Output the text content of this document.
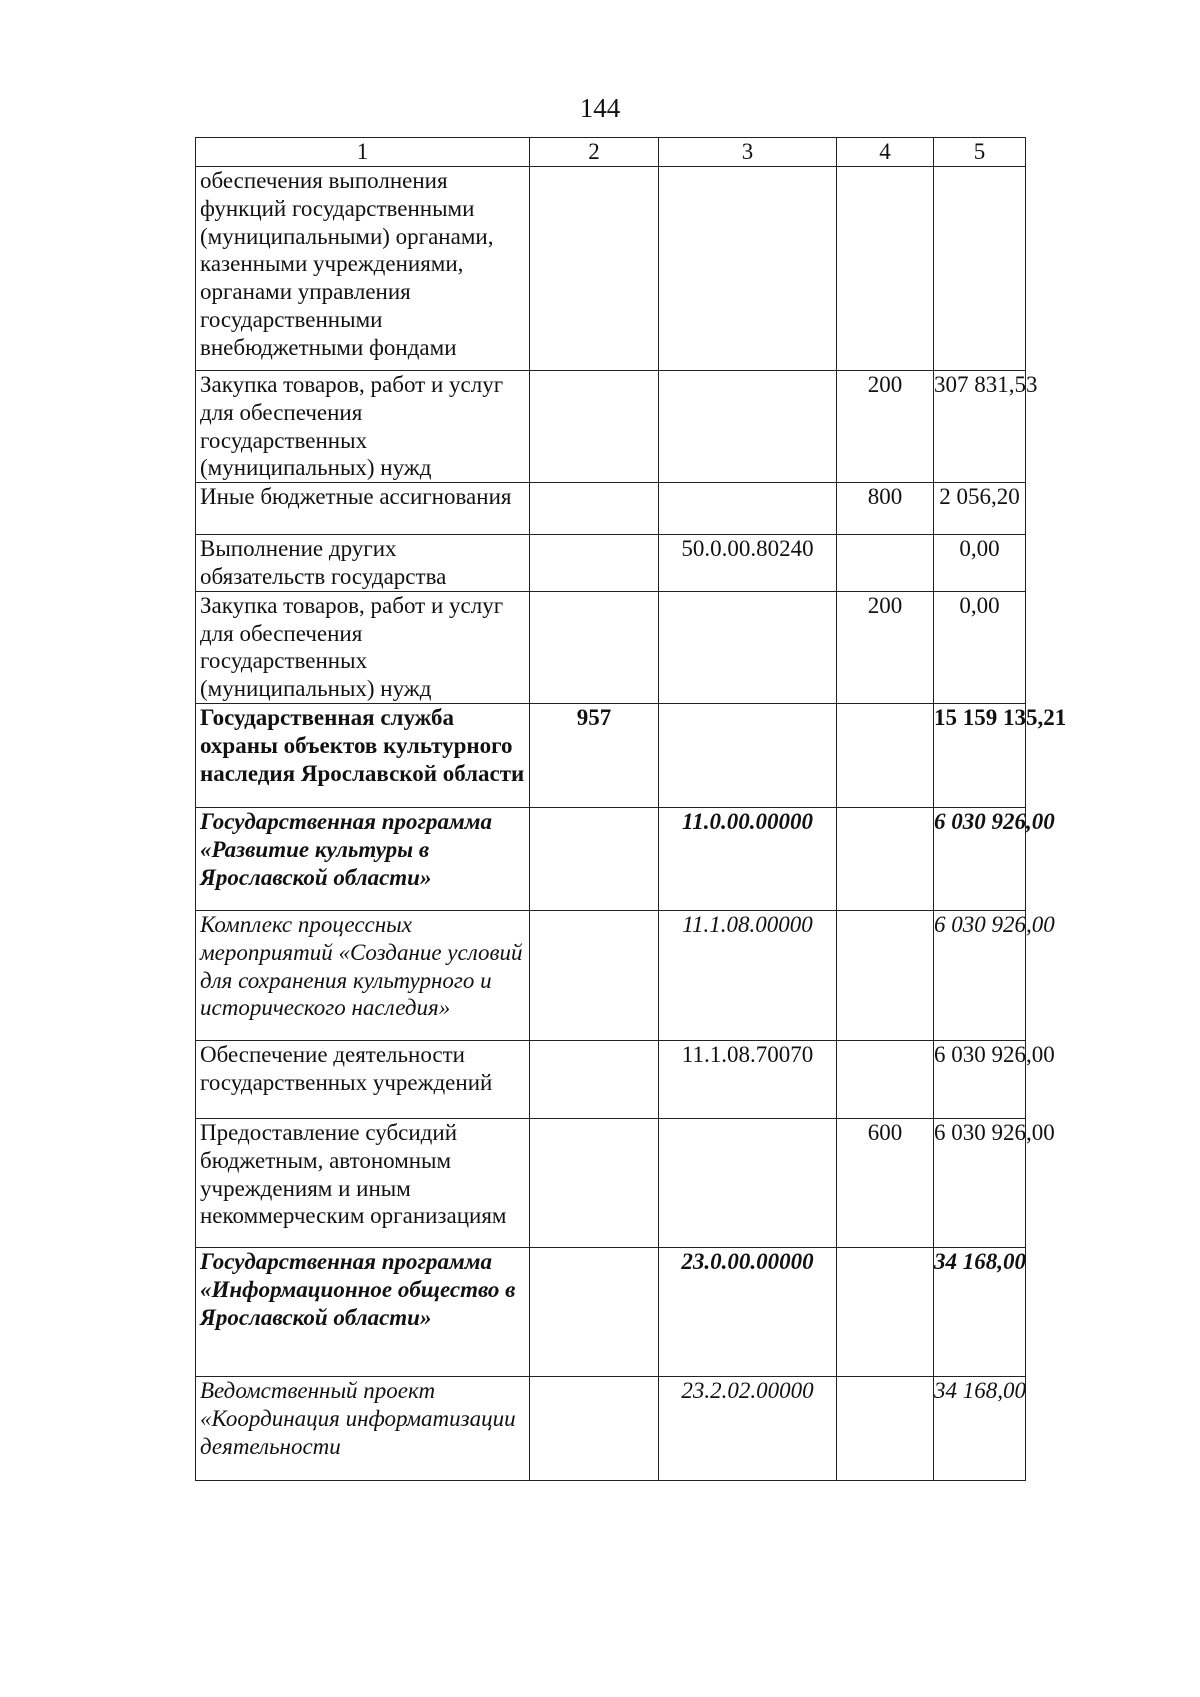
144
1	2	3	4	5
обеспечения выполнения функций государственными (муниципальными) органами, казенными учреждениями, органами управления государственными внебюджетными фондами				
Закупка товаров, работ и услуг для обеспечения государственных (муниципальных) нужд			200	307 831,53
Иные бюджетные ассигнования			800	2 056,20
Выполнение других обязательств государства		50.0.00.80240		0,00
Закупка товаров, работ и услуг для обеспечения государственных (муниципальных) нужд			200	0,00
Государственная служба охраны объектов культурного наследия Ярославской области	957			15 159 135,21
Государственная программа «Развитие культуры в Ярославской области»		11.0.00.00000		6 030 926,00
Комплекс процессных мероприятий «Создание условий для сохранения культурного и исторического наследия»		11.1.08.00000		6 030 926,00
Обеспечение деятельности государственных учреждений		11.1.08.70070		6 030 926,00
Предоставление субсидий бюджетным, автономным учреждениям и иным некоммерческим организациям			600	6 030 926,00
Государственная программа «Информационное общество в Ярославской области»		23.0.00.00000		34 168,00
Ведомственный проект «Координация информатизации деятельности		23.2.02.00000		34 168,00
